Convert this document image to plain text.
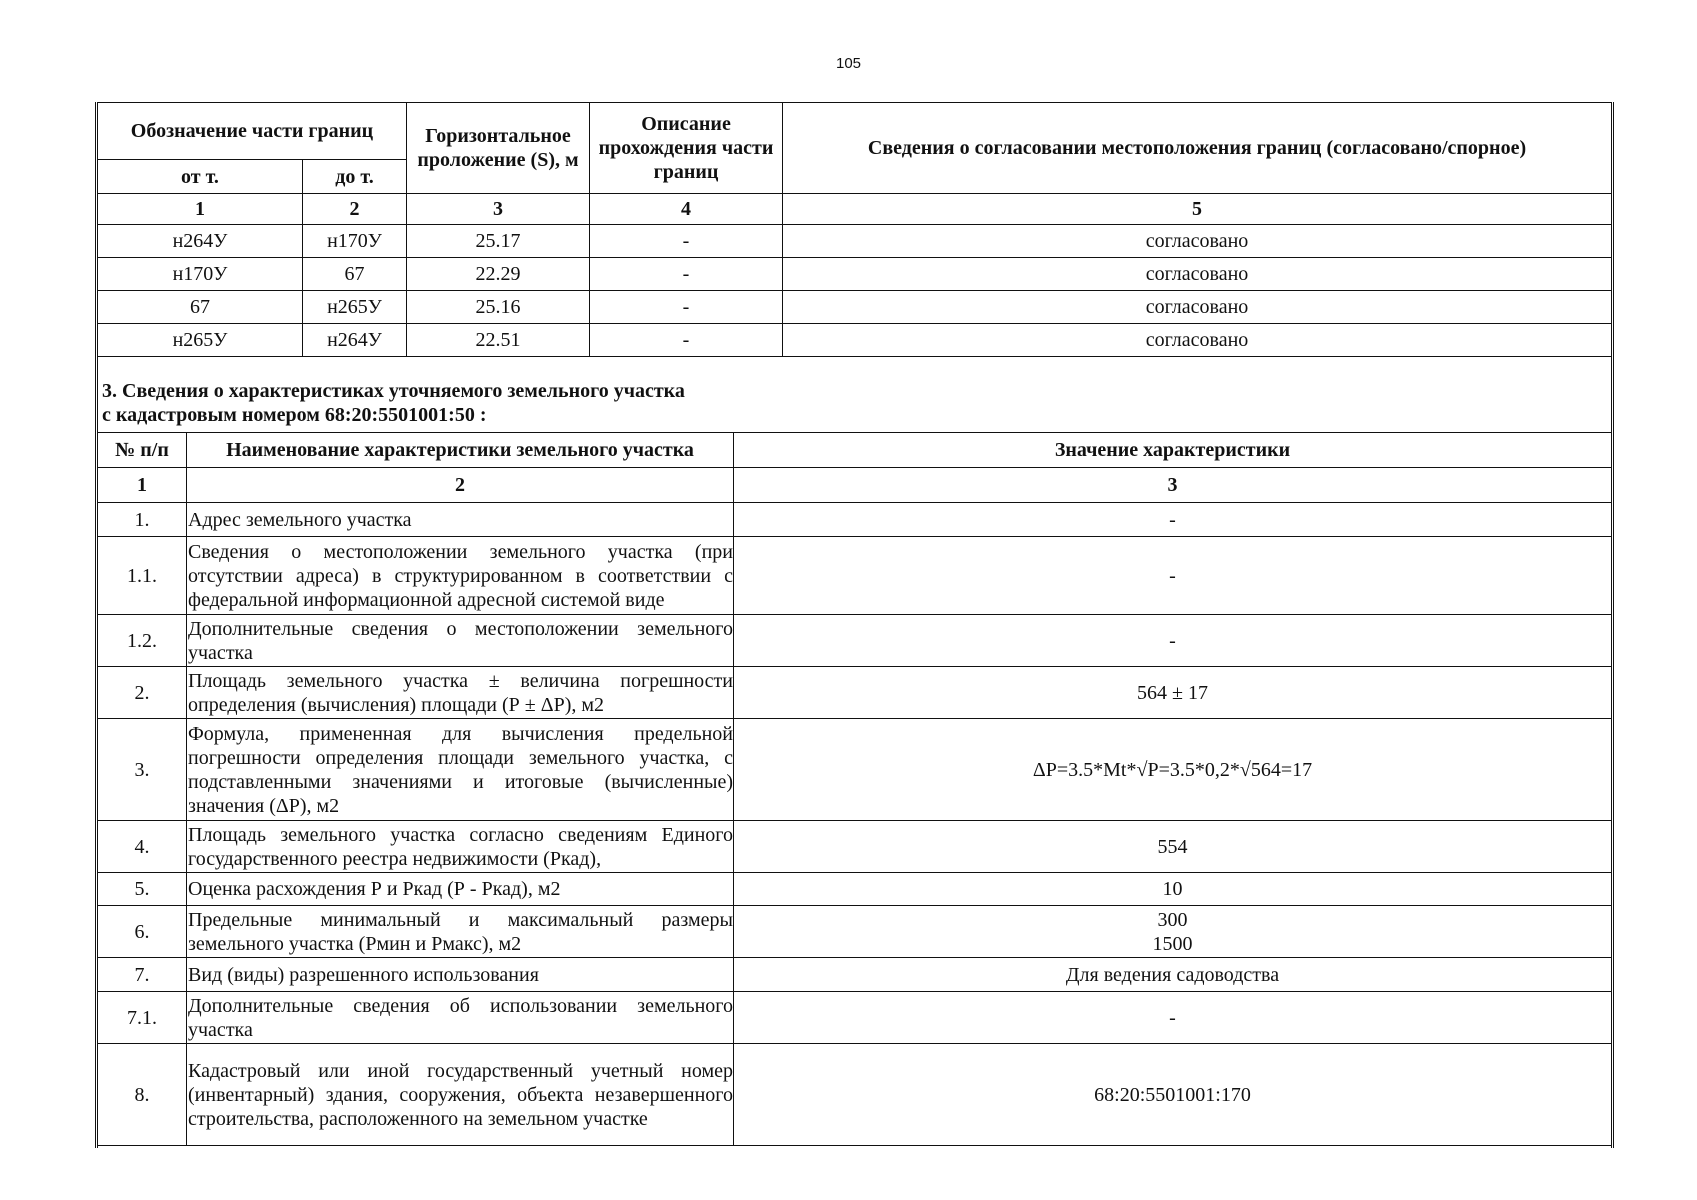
105
Обозначение части границ		Горизонтальное проложение (S), м	Описание прохождения части границ	Сведения о согласовании местоположения границ (согласовано/спорное)
от т.	до т.			
1	2	3	4	5
н264У	н170У	25.17	-	согласовано
н170У	67	22.29	-	согласовано
67	н265У	25.16	-	согласовано
н265У	н264У	22.51	-	согласовано
3. Сведения о характеристиках уточняемого земельного участка
с кадастровым номером 68:20:5501001:50 :
№ п/п	Наименование характеристики земельного участка	Значение характеристики
1	2	3
1.	Адрес земельного участка	-
1.1.	Сведения о местоположении земельного участка (при отсутствии адреса) в структурированном в соответствии с федеральной информационной адресной системой виде	-
1.2.	Дополнительные сведения о местоположении земельного участка	-
2.	Площадь земельного участка ± величина погрешности определения (вычисления) площади (Р ± ΔР), м2	564 ± 17
3.	Формула, примененная для вычисления предельной погрешности определения площади земельного участка, с подставленными значениями и итоговые (вычисленные) значения (ΔР), м2	ΔР=3.5*Mt*√Р=3.5*0,2*√564=17
4.	Площадь земельного участка согласно сведениям Единого государственного реестра недвижимости (Ркад),	554
5.	Оценка расхождения Р и Ркад (Р - Ркад), м2	10
6.	Предельные минимальный и максимальный размеры земельного участка (Рмин и Рмакс), м2	300
1500

7.	Вид (виды) разрешенного использования	Для ведения садоводства
7.1.	Дополнительные сведения об использовании земельного участка	-
8.	Кадастровый или иной государственный учетный номер (инвентарный) здания, сооружения, объекта незавершенного строительства, расположенного на земельном участке	68:20:5501001:170
